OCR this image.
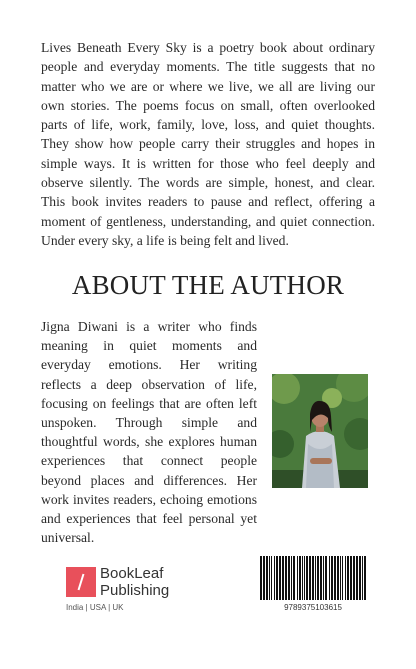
Lives Beneath Every Sky is a poetry book about ordinary people and everyday moments. The title suggests that no matter who we are or where we live, we all are living our own stories. The poems focus on small, often overlooked parts of life, work, family, love, loss, and quiet thoughts. They show how people carry their struggles and hopes in simple ways. It is written for those who feel deeply and observe silently. The words are simple, honest, and clear. This book invites readers to pause and reflect, offering a moment of gentleness, understanding, and quiet connection. Under every sky, a life is being felt and lived.

ABOUT THE AUTHOR

Jigna Diwani is a writer who finds meaning in quiet moments and everyday emotions. Her writing reflects a deep observation of life, focusing on feelings that are often left unspoken. Through simple and thoughtful words, she explores human experiences that connect people beyond places and differences. Her work invites readers, echoing emotions and experiences that feel personal yet universal.

BookLeaf
Publishing
India | USA | UK	9789375103615
